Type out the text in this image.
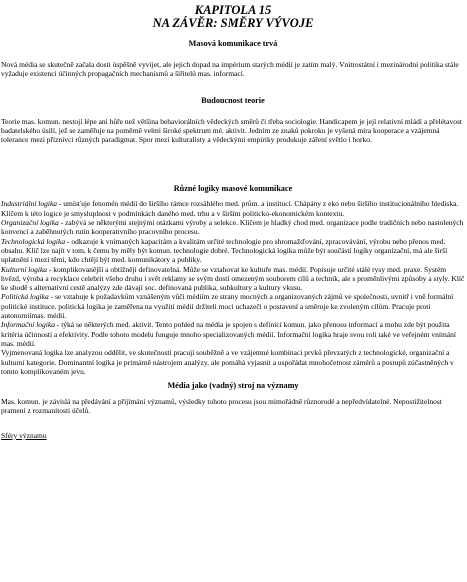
KAPITOLA 15
NA ZÁVĚR: SMĚRY VÝVOJE
Masová komunikace trvá

Nová média se skutečně začala dosti úspěšně vyvíjet, ale jejich dopad na impérium starých médií je zatím malý. Vnitrostátní i mezinárodní politika stále vyžaduje existenci účinných propagačních mechanismů a šiřitelů mas. informací.

Budoucnost teorie

Teorie mas. komun. nestojí lépe ani hůře než většina behaviorálních vědeckých směrů či třeba sociologie. Handicapem je její relativní mládí a přelétavost badatelského úsilí, jež se zaměřuje na poměrně velmi široké spektrum mé. aktivit. Jedním ze znaků pokroku je vyšená míra kooperace a vzájemná tolerance mezi příznivci různých paradigmat. Spor mezi kulturalisty a vědeckými empiriky produkuje záření světlo i horko.

Různé logiky masové komunikace

Industriální logika - umísťuje fenomén médií do širšího rámce rozsáhlého med. prům. a institucí. Chápány z eko nebo širšího institucionálního hlediska. Klíčem k této logice je smysluplnost v podmínkách daného med. trhu a v širším politicko-ekonomickém kontextu.

Organizační logika - zabývá se některými stejnými otázkami výroby a selekce. Klíčem je hladký chod med. organizace podle tradičních nebo nastolených konvencí a zaběhnutých rutin kooperativního pracovního procesu.

Technologická logika - odkazuje k vnímaných kapacitám a kvalitám určité technologie pro shromažďování, zpracovávání, výrobu nebo přenos med. obsahu. Klíč lze najít v tom, k čemu by měly být komun. technologie dobré. Technologická logika může být součástí logiky organizační, má ale širší uplatnění i mezi těmi, kdo chtějí být med. komunikátory a publiky.

Kulturní logika - komplikovanější a obtížněji definovatelná. Může se vztahovat ke kultuře mas. médií. Popisuje určité stálé rysy med. praxe. Systém hvězd, výroba a recyklace celebrit všeho druhu i svět reklamy se svým dosti omezeným souborem cílů a technik, ale s proměnlivými způsoby a styly. Klíč ke shodě s alternativní cestě analýzy zde dávají soc. definovaná publika, subkultury a kultury vkusu.

Politická logika - se vztahuje k požadavkům vznášeným vůči médiím ze strany mocných a organizovaných zájmů ve společnosti, uvnitř i vně formální politické instituce. politická logika je zaměřena na využití médií držiteli moci uchazeči o postavení a směruje ke zvoleným cílům. Pracuje proti autonomiímas. médií.

Informační logika - týká se některých med. aktivit. Tento pohled na média je spojen s definicí komun. jako přenosu informací a mohu zde být použita kritéria účinnosti a efektivity. Podle tohoto modelu funguje mnoho specializovaných médií. Informační logika hraje svou roli také ve veřejném vnímání mas. médií.

Vyjmenovaná logika lze analyzou oddělit, ve skutečnosti pracují souběžně a ve vzájemné kombinaci prvků převzatých z technologické, organizační a kulturní kategorie. Dominantní logika je primárně nástrojem analýzy, ale pomáhá vyjasnit a uspořádat mnohočetnost zámérů a postupů zúčastněných v tomto komplikovaném jevu.

Média jako (vadný) stroj na významy

Mas. komun. je závislá na předávání a přijímání významů, výsledky tohoto procesu jsou mimořádně různorodé a nepředvídatelné. Nepostižitelnost pramení z rozmanitosti účelů.

Sféry významu
